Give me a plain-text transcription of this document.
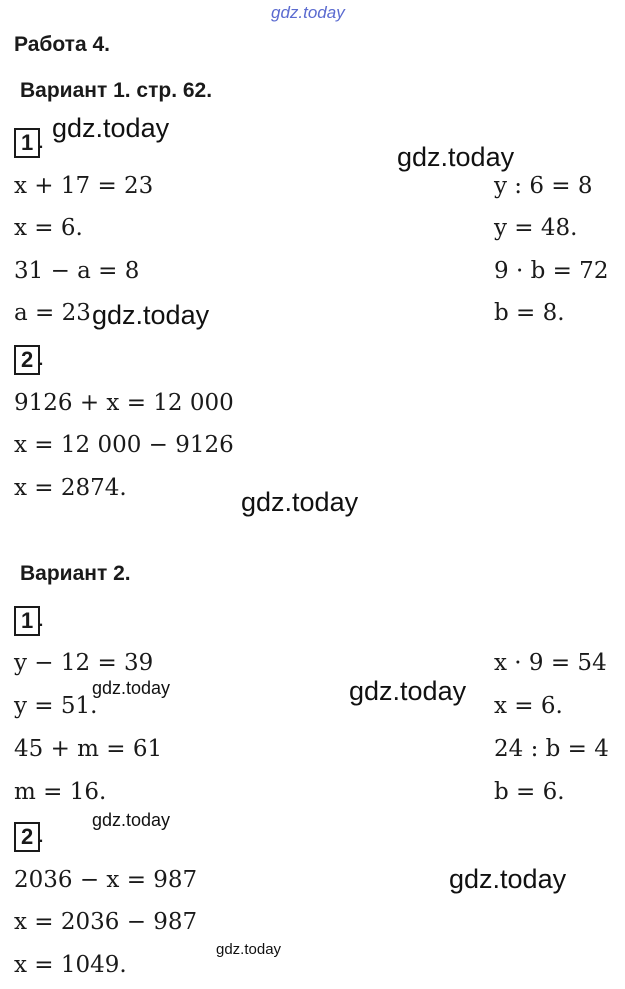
gdz.today
Работа 4.
Вариант 1. стр. 62.
1 . gdz.today
gdz.today
x + 17 = 23
x = 6.
31 − a = 8
a = 23
y : 6 = 8
y = 48.
9 · b = 72
b = 8.
gdz.today
2 .
9126 + x = 12 000
x = 12 000 − 9126
x = 2874.	gdz.today
Вариант 2.
1 .
y − 12 = 39
y = 51.
45 + m = 61
m = 16.
x · 9 = 54
x = 6.
24 : b = 4
b = 6.
gdz.today	gdz.today
2 .
gdz.today
2036 − x = 987
x = 2036 − 987
x = 1049.
gdz.today
gdz.today
